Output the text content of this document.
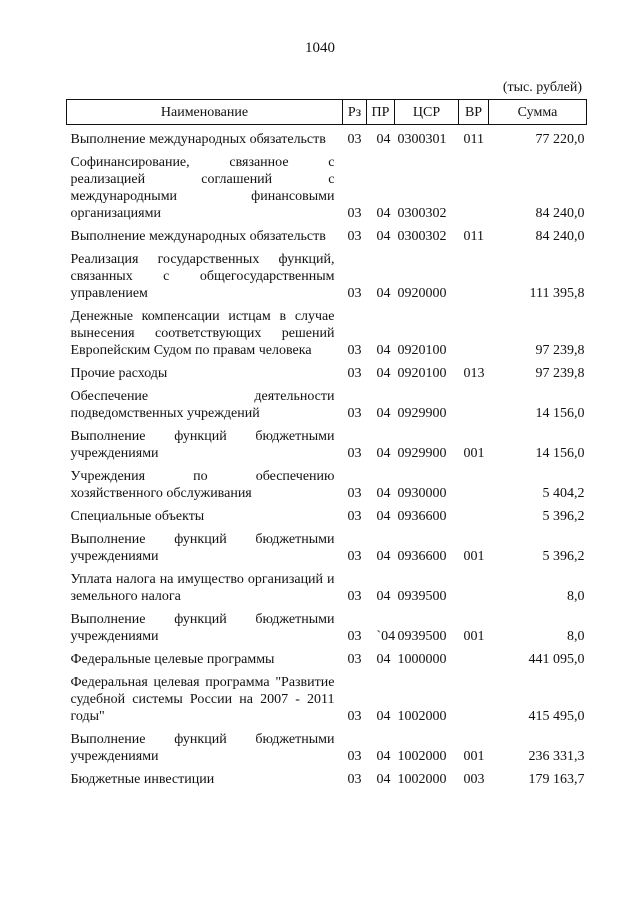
1040
(тыс. рублей)
Наименование	Рз	ПР	ЦСР	ВР	Сумма
Выполнение международных обязательств	03	04	0300301	011	77 220,0
Софинансирование, связанное с реализацией соглашений с международными финансовыми организациями	03	04	0300302		84 240,0
Выполнение международных обязательств	03	04	0300302	011	84 240,0
Реализация государственных функций, связанных с общегосударственным управлением	03	04	0920000		111 395,8
Денежные компенсации истцам в случае вынесения соответствующих решений Европейским Судом по правам человека	03	04	0920100		97 239,8
Прочие расходы	03	04	0920100	013	97 239,8
Обеспечение деятельности подведомственных учреждений	03	04	0929900		14 156,0
Выполнение функций бюджетными учреждениями	03	04	0929900	001	14 156,0
Учреждения по обеспечению хозяйственного обслуживания	03	04	0930000		5 404,2
Специальные объекты	03	04	0936600		5 396,2
Выполнение функций бюджетными учреждениями	03	04	0936600	001	5 396,2
Уплата налога на имущество организаций и земельного налога	03	04	0939500		8,0
Выполнение функций бюджетными учреждениями	03	`04	0939500	001	8,0
Федеральные целевые программы	03	04	1000000		441 095,0
Федеральная целевая программа "Развитие судебной системы России на 2007 - 2011 годы"	03	04	1002000		415 495,0
Выполнение функций бюджетными учреждениями	03	04	1002000	001	236 331,3
Бюджетные инвестиции	03	04	1002000	003	179 163,7
